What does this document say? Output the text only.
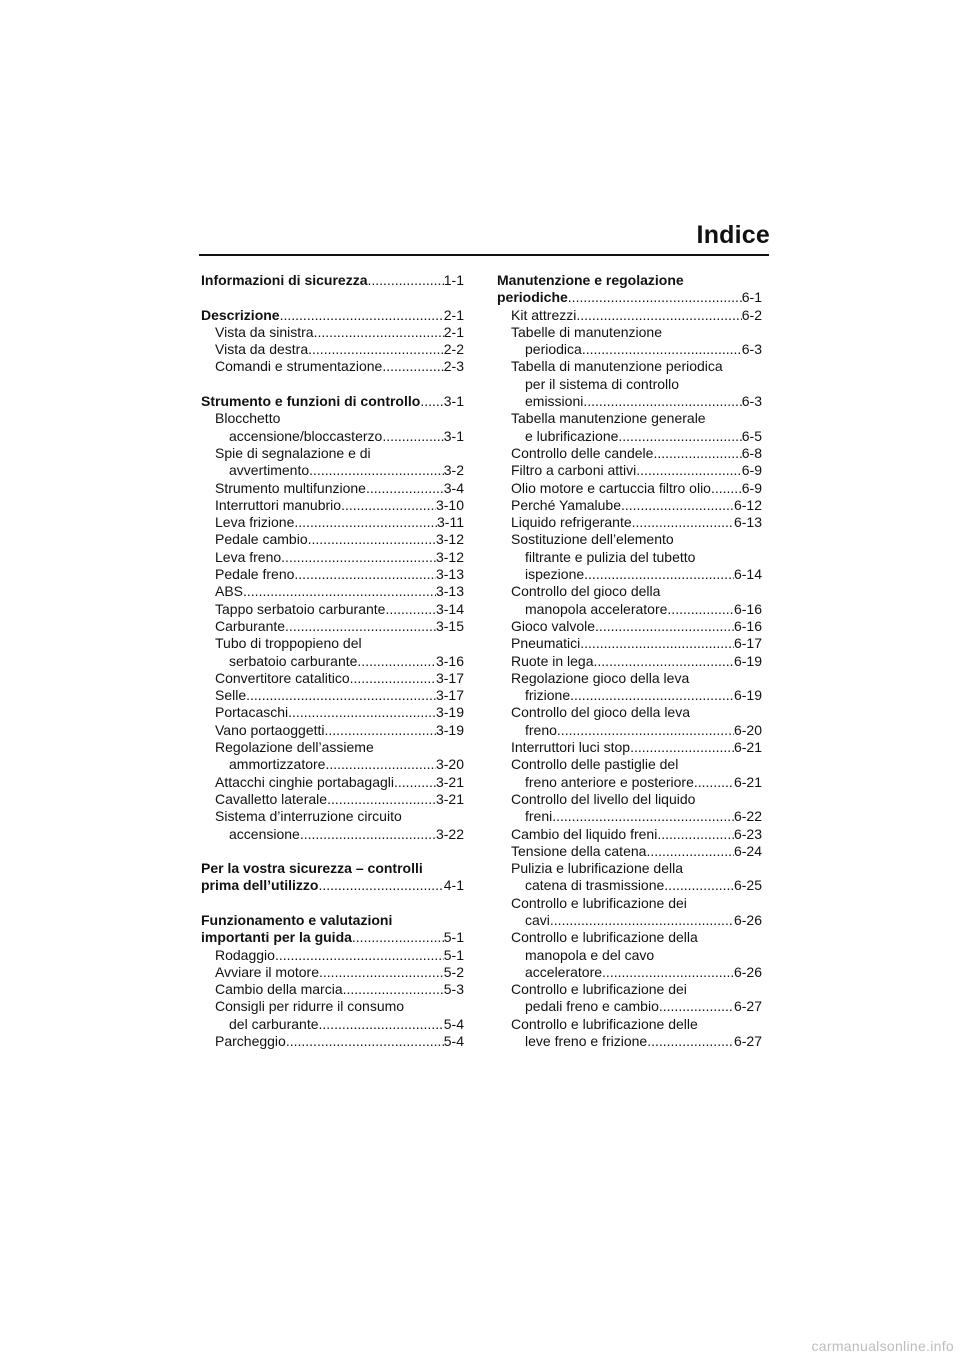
Indice
Informazioni di sicurezza .....	1-1
Descrizione .....	2-1
Vista da sinistra .....	2-1
Vista da destra .....	2-2
Comandi e strumentazione .....	2-3
Strumento e funzioni di controllo ..... 3-1
Blocchetto
accensione/bloccasterzo .....	3-1
Spie di segnalazione e di
avvertimento .....	3-2
Strumento multifunzione .....	3-4
Interruttori manubrio .....	3-10
Leva frizione .....	3-11
Pedale cambio .....	3-12
Leva freno .....	3-12
Pedale freno .....	3-13
ABS .....	3-13
Tappo serbatoio carburante .....	3-14
Carburante .....	3-15
Tubo di troppopieno del
serbatoio carburante .....	3-16
Convertitore catalitico .....	3-17
Selle .....	3-17
Portacaschi .....	3-19
Vano portaoggetti .....	3-19
Regolazione dell’assieme
ammortizzatore .....	3-20
Attacchi cinghie portabagagli .....	3-21
Cavalletto laterale .....	3-21
Sistema d’interruzione circuito
accensione .....	3-22
Per la vostra sicurezza – controlli
prima dell’utilizzo .....	4-1
Funzionamento e valutazioni
importanti per la guida .....	5-1
Rodaggio .....	5-1
Avviare il motore .....	5-2
Cambio della marcia .....	5-3
Consigli per ridurre il consumo
del carburante .....	5-4
Parcheggio .....	5-4
Manutenzione e regolazione
periodiche .....	6-1
Kit attrezzi .....	6-2
Tabelle di manutenzione
periodica .....	6-3
Tabella di manutenzione periodica
per il sistema di controllo
emissioni .....	6-3
Tabella manutenzione generale
e lubrificazione .....	6-5
Controllo delle candele .....	6-8
Filtro a carboni attivi .....	6-9
Olio motore e cartuccia filtro olio ..... 6-9
Perché Yamalube .....	6-12
Liquido refrigerante .....	6-13
Sostituzione dell’elemento
filtrante e pulizia del tubetto
ispezione .....	6-14
Controllo del gioco della
manopola acceleratore .....	6-16
Gioco valvole .....	6-16
Pneumatici .....	6-17
Ruote in lega .....	6-19
Regolazione gioco della leva
frizione .....	6-19
Controllo del gioco della leva
freno .....	6-20
Interruttori luci stop .....	6-21
Controllo delle pastiglie del
freno anteriore e posteriore .....	6-21
Controllo del livello del liquido
freni .....	6-22
Cambio del liquido freni .....	6-23
Tensione della catena .....	6-24
Pulizia e lubrificazione della
catena di trasmissione .....	6-25
Controllo e lubrificazione dei
cavi .....	6-26
Controllo e lubrificazione della
manopola e del cavo
acceleratore .....	6-26
Controllo e lubrificazione dei
pedali freno e cambio .....	6-27
Controllo e lubrificazione delle
leve freno e frizione .....	6-27
carmanualsonline.info
